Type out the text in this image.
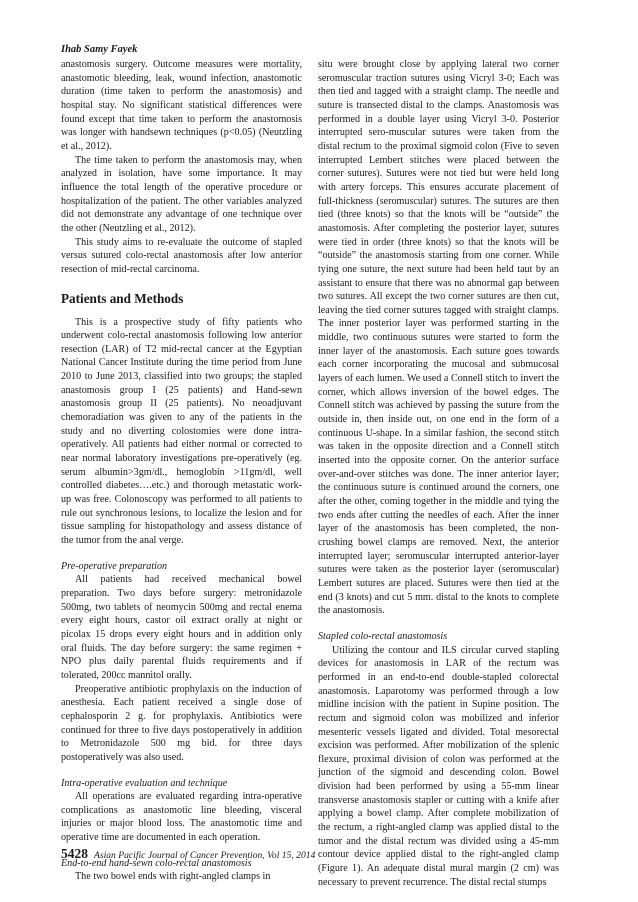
Ihab Samy Fayek

anastomosis surgery. Outcome measures were mortality, anastomotic bleeding, leak, wound infection, anastomotic duration (time taken to perform the anastomosis) and hospital stay. No significant statistical differences were found except that time taken to perform the anastomosis was longer with handsewn techniques (p<0.05) (Neutzling et al., 2012).

The time taken to perform the anastomosis may, when analyzed in isolation, have some importance. It may influence the total length of the operative procedure or hospitalization of the patient. The other variables analyzed did not demonstrate any advantage of one technique over the other (Neutzling et al., 2012).

This study aims to re-evaluate the outcome of stapled versus sutured colo-rectal anastomosis after low anterior resection of mid-rectal carcinoma.

Patients and Methods

This is a prospective study of fifty patients who underwent colo-rectal anastomosis following low anterior resection (LAR) of T2 mid-rectal cancer at the Egyptian National Cancer Institute during the time period from June 2010 to June 2013, classified into two groups; the stapled anastomosis group I (25 patients) and Hand-sewn anastomosis group II (25 patients). No neoadjuvant chemoradiation was given to any of the patients in the study and no diverting colostomies were done intra-operatively. All patients had either normal or corrected to near normal laboratory investigations pre-operatively (eg. serum albumin>3gm/dl., hemoglobin >11gm/dl, well controlled diabetes….etc.) and thorough metastatic work-up was free. Colonoscopy was performed to all patients to rule out synchronous lesions, to localize the lesion and for tissue sampling for histopathology and assess distance of the tumor from the anal verge.

Pre-operative preparation

All patients had received mechanical bowel preparation. Two days before surgery: metronidazole 500mg, two tablets of neomycin 500mg and rectal enema every eight hours, castor oil extract orally at night or picolax 15 drops every eight hours and in addition only oral fluids. The day before surgery: the same regimen + NPO plus daily parental fluids requirements and if tolerated, 200cc mannitol orally.

Preoperative antibiotic prophylaxis on the induction of anesthesia. Each patient received a single dose of cephalosporin 2 g. for prophylaxis. Antibiotics were continued for three to five days postoperatively in addition to Metronidazole 500 mg bid. for three days postoperatively was also used.

Intra-operative evaluation and technique

All operations are evaluated regarding intra-operative complications as anastomotic line bleeding, visceral injuries or major blood loss. The anastomotic time and operative time are documented in each operation.

End-to-end hand-sewn colo-rectal anastomosis

The two bowel ends with right-angled clamps in

situ were brought close by applying lateral two corner seromuscular traction sutures using Vicryl 3-0; Each was then tied and tagged with a straight clamp. The needle and suture is transected distal to the clamps. Anastomosis was performed in a double layer using Vicryl 3-0. Posterior interrupted sero-muscular sutures were taken from the distal rectum to the proximal sigmoid colon (Five to seven interrupted Lembert stitches were placed between the corner sutures). Sutures were not tied but were held long with artery forceps. This ensures accurate placement of full-thickness (seromuscular) sutures. The sutures are then tied (three knots) so that the knots will be “outside” the anastomosis. After completing the posterior layer, sutures were tied in order (three knots) so that the knots will be “outside” the anastomosis starting from one corner. While tying one suture, the next suture had been held taut by an assistant to ensure that there was no abnormal gap between two sutures. All except the two corner sutures are then cut, leaving the tied corner sutures tagged with straight clamps. The inner posterior layer was performed starting in the middle, two continuous sutures were started to form the inner layer of the anastomosis. Each suture goes towards each corner incorporating the mucosal and submucosal layers of each lumen. We used a Connell stitch to invert the corner, which allows inversion of the bowel edges. The Connell stitch was achieved by passing the suture from the outside in, then inside out, on one end in the form of a continuous U-shape. In a similar fashion, the second stitch was taken in the opposite direction and a Connell stitch inserted into the opposite corner. On the anterior surface over-and-over stitches was done. The inner anterior layer; the continuous suture is continued around the corners, one after the other, coming together in the middle and tying the two ends after cutting the needles of each. After the inner layer of the anastomosis has been completed, the non-crushing bowel clamps are removed. Next, the anterior interrupted layer; seromuscular interrupted anterior-layer sutures were taken as the posterior layer (seromuscular) Lembert sutures are placed. Sutures were then tied at the end (3 knots) and cut 5 mm. distal to the knots to complete the anastomosis.

Stapled colo-rectal anastomosis

Utilizing the contour and ILS circular curved stapling devices for anastomosis in LAR of the rectum was performed in an end-to-end double-stapled colorectal anastomosis. Laparotomy was performed through a low midline incision with the patient in Supine position. The rectum and sigmoid colon was mobilized and inferior mesenteric vessels ligated and divided. Total mesorectal excision was performed. After mobilization of the splenic flexure, proximal division of colon was performed at the junction of the sigmoid and descending colon. Bowel division had been performed by using a 55-mm linear transverse anastomosis stapler or cutting with a knife after applying a bowel clamp. After complete mobilization of the rectum, a right-angled clamp was applied distal to the tumor and the distal rectum was divided using a 45-mm contour device applied distal to the right-angled clamp (Figure 1). An adequate distal mural margin (2 cm) was necessary to prevent recurrence. The distal rectal stumps

5428 Asian Pacific Journal of Cancer Prevention, Vol 15, 2014
